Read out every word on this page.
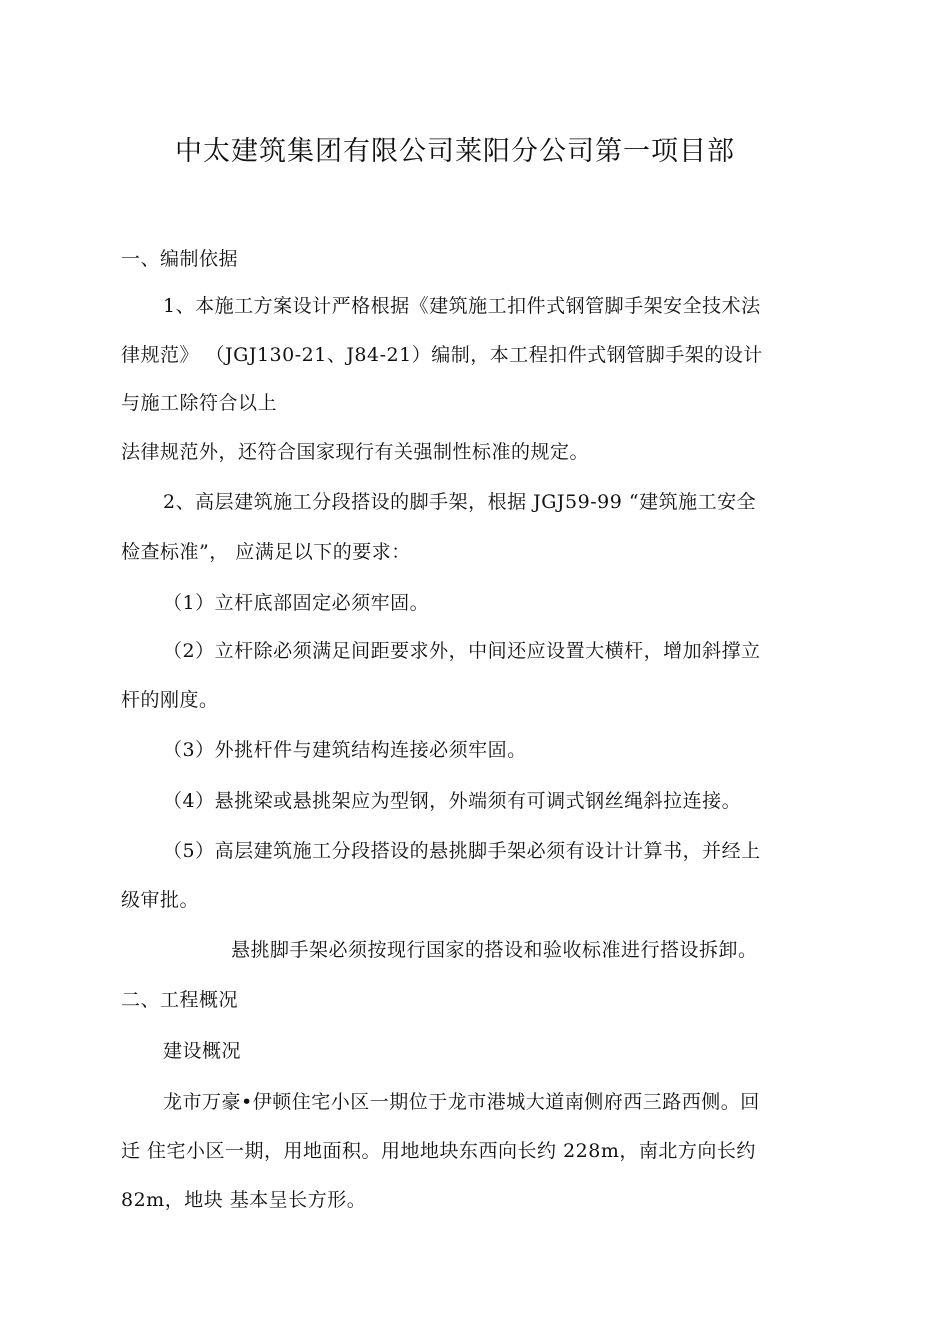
中太建筑集团有限公司莱阳分公司第一项目部
一、编制依据
1、本施工方案设计严格根据《建筑施工扣件式钢管脚手架安全技术法
律规范》 （JGJ130-21、J84-21）编制，本工程扣件式钢管脚手架的设计
与施工除符合以上
法律规范外，还符合国家现行有关强制性标准的规定。
2、高层建筑施工分段搭设的脚手架，根据 JGJ59-99 “建筑施工安全
检查标准”， 应满足以下的要求：
（1）立杆底部固定必须牢固。
（2）立杆除必须满足间距要求外，中间还应设置大横杆，增加斜撑立
杆的刚度。
（3）外挑杆件与建筑结构连接必须牢固。
（4）悬挑梁或悬挑架应为型钢，外端须有可调式钢丝绳斜拉连接。
（5）高层建筑施工分段搭设的悬挑脚手架必须有设计计算书，并经上
级审批。
悬挑脚手架必须按现行国家的搭设和验收标准进行搭设拆卸。
二、工程概况
建设概况
龙市万豪•伊顿住宅小区一期位于龙市港城大道南侧府西三路西侧。回
迁 住宅小区一期，用地面积。用地地块东西向长约 228m，南北方向长约
82m，地块 基本呈长方形。
